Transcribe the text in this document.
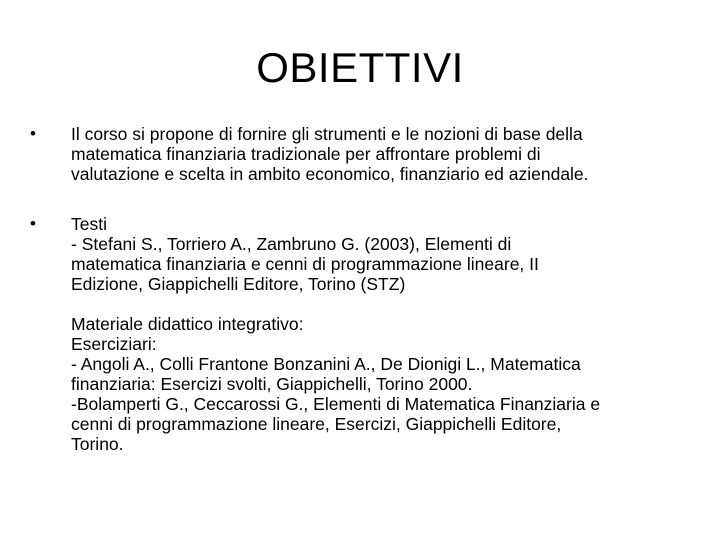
OBIETTIVI
• Il corso si propone di fornire gli strumenti e le nozioni di base della
matematica finanziaria tradizionale per affrontare problemi di
valutazione e scelta in ambito economico, finanziario ed aziendale.
• Testi
- Stefani S., Torriero A., Zambruno G. (2003), Elementi di
matematica finanziaria e cenni di programmazione lineare, II
Edizione, Giappichelli Editore, Torino (STZ)
Materiale didattico integrativo:
Eserciziari:
- Angoli A., Colli Frantone Bonzanini A., De Dionigi L., Matematica
finanziaria: Esercizi svolti, Giappichelli, Torino 2000.
-Bolamperti G., Ceccarossi G., Elementi di Matematica Finanziaria e
cenni di programmazione lineare, Esercizi, Giappichelli Editore,
Torino.
